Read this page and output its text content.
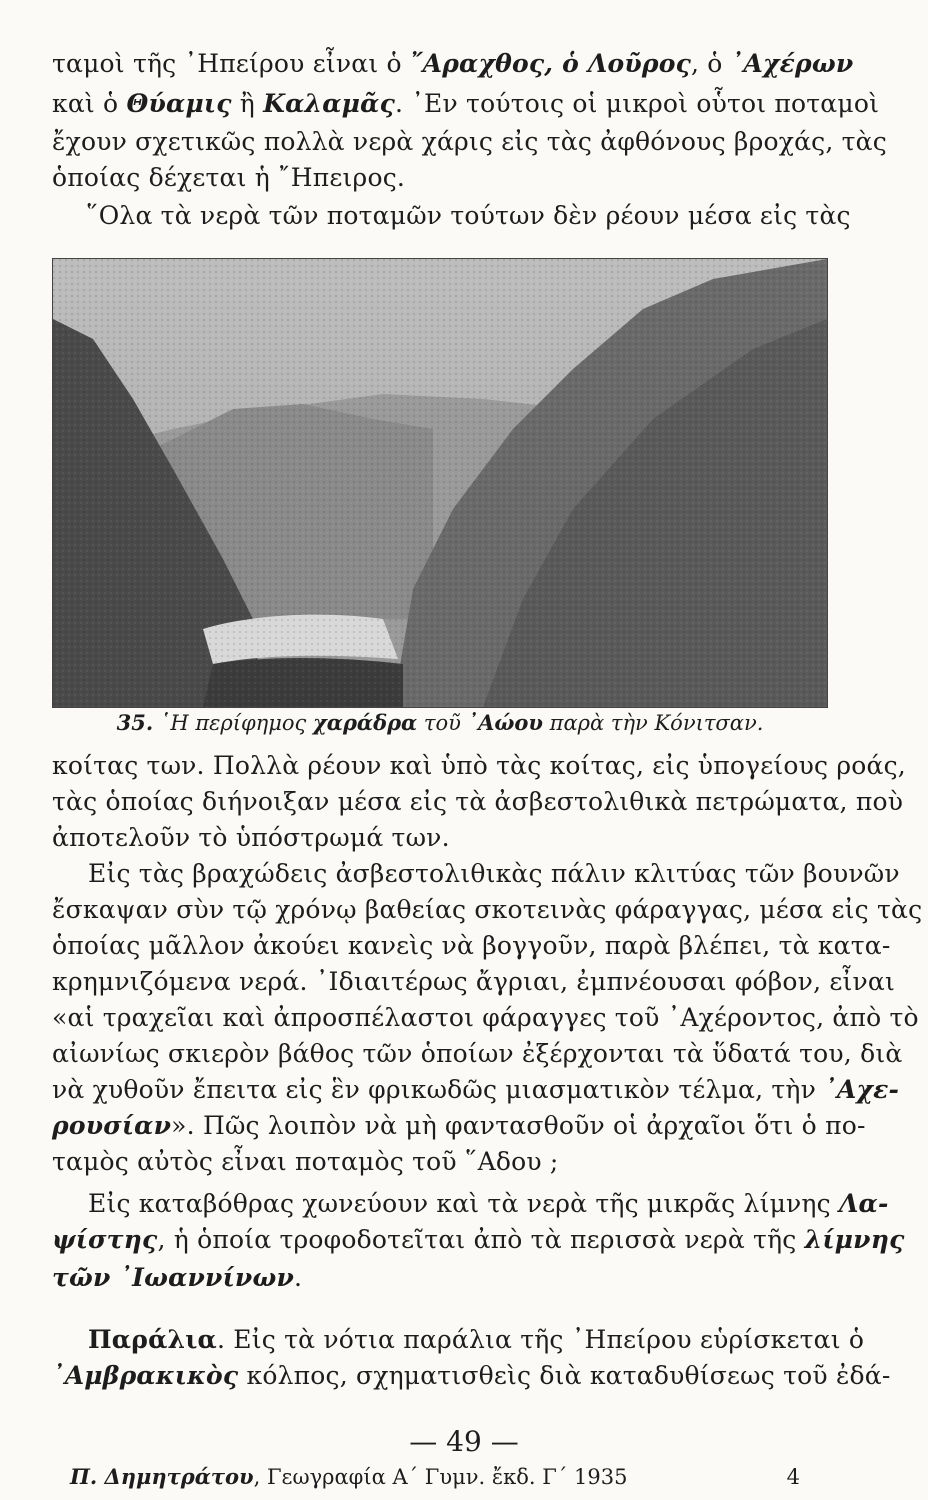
ταμοὶ τῆς ᾿Ηπείρου εἶναι ὁ ῎Αραχθος, ὁ Λοῦρος, ὁ ᾿Αχέρων
καὶ ὁ Θύαμις ἢ Καλαμᾶς. ᾿Εν τούτοις οἱ μικροὶ οὗτοι ποταμοὶ
ἔχουν σχετικῶς πολλὰ νερὰ χάρις εἰς τὰς ἀφθόνους βροχάς, τὰς
ὁποίας δέχεται ἡ ῎Ηπειρος.
῞Ολα τὰ νερὰ τῶν ποταμῶν τούτων δὲν ρέουν μέσα εἰς τὰς
35. ῾Η περίφημος χαράδρα τοῦ ᾿Αώου παρὰ τὴν Κόνιτσαν.
κοίτας των. Πολλὰ ρέουν καὶ ὑπὸ τὰς κοίτας, εἰς ὑπογείους ροάς,
τὰς ὁποίας διήνοιξαν μέσα εἰς τὰ ἀσβεστολιθικὰ πετρώματα, ποὺ
ἀποτελοῦν τὸ ὑπόστρωμά των.
Εἰς τὰς βραχώδεις ἀσβεστολιθικὰς πάλιν κλιτύας τῶν βουνῶν
ἔσκαψαν σὺν τῷ χρόνῳ βαθείας σκοτεινὰς φάραγγας, μέσα εἰς τὰς
ὁποίας μᾶλλον ἀκούει κανεὶς νὰ βογγοῦν, παρὰ βλέπει, τὰ κατα-
κρημνιζόμενα νερά. ᾿Ιδιαιτέρως ἄγριαι, ἐμπνέουσαι φόβον, εἶναι
«αἱ τραχεῖαι καὶ ἀπροσπέλαστοι φάραγγες τοῦ ᾿Αχέροντος, ἀπὸ τὸ
αἰωνίως σκιερὸν βάθος τῶν ὁποίων ἐξέρχονται τὰ ὕδατά του, διὰ
νὰ χυθοῦν ἔπειτα εἰς ἓν φρικωδῶς μιασματικὸν τέλμα, τὴν ᾿Αχε-
ρουσίαν». Πῶς λοιπὸν νὰ μὴ φαντασθοῦν οἱ ἀρχαῖοι ὅτι ὁ πο-
ταμὸς αὐτὸς εἶναι ποταμὸς τοῦ ῞Αδου ;
Εἰς καταβόθρας χωνεύουν καὶ τὰ νερὰ τῆς μικρᾶς λίμνης Λα-
ψίστης, ἡ ὁποία τροφοδοτεῖται ἀπὸ τὰ περισσὰ νερὰ τῆς λίμνης
τῶν ᾿Ιωαννίνων.
Παράλια. Εἰς τὰ νότια παράλια τῆς ᾿Ηπείρου εὑρίσκεται ὁ
᾿Αμβρακικὸς κόλπος, σχηματισθεὶς διὰ καταδυθίσεως τοῦ ἐδά-
— 49 —
Π. Δημητράτου, Γεωγραφία Α΄ Γυμν. ἔκδ. Γ΄ 1935	4
